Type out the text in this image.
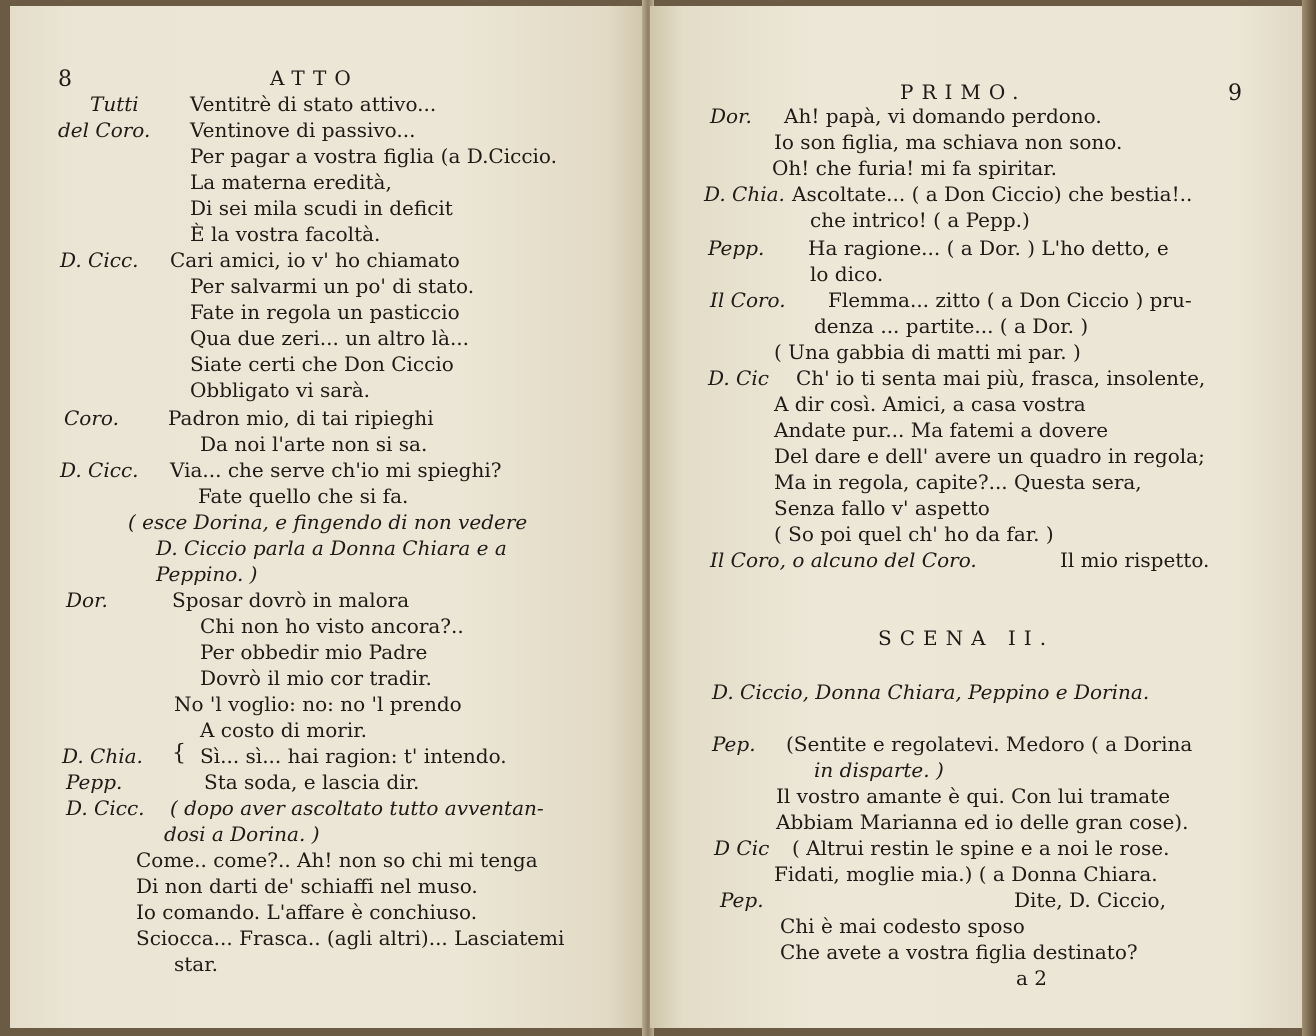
8	ATTO
Tutti	Ventitrè di stato attivo...
del Coro. Ventinove di passivo...
Per pagar a vostra figlia (a D.Ciccio.
La materna eredità,
Di sei mila scudi in deficit
È la vostra facoltà.
D. Cicc. Cari amici, io v' ho chiamato
Per salvarmi un po' di stato.
Fate in regola un pasticcio
Qua due zeri... un altro là...
Siate certi che Don Ciccio
Obbligato vi sarà.
Coro. Padron mio, di tai ripieghi
Da noi l'arte non si sa.
D. Cicc. Via... che serve ch'io mi spieghi?
Fate quello che si fa.
( esce Dorina, e fingendo di non vedere
D. Ciccio parla a Donna Chiara e a
Peppino. )
Dor.	Sposar dovrò in malora
Chi non ho visto ancora?..
Per obbedir mio Padre
Dovrò il mio cor tradir.
No 'l voglio: no: no 'l prendo
A costo di morir.
D. Chia.	Sì... sì... hai ragion: t' intendo.
Pepp.	Sta soda, e lascia dir.
D. Cicc. ( dopo aver ascoltato tutto avventan-
dosi a Dorina. )
Come.. come?.. Ah! non so chi mi tenga
Di non darti de' schiaffi nel muso.
Io comando. L'affare è conchiuso.
Sciocca... Frasca.. (agli altri)... Lasciatemi
star.
{
PRIMO.	9
Dor. Ah! papà, vi domando perdono.
Io son figlia, ma schiava non sono.
Oh! che furia! mi fa spiritar.
D. Chia. Ascoltate... ( a Don Ciccio) che bestia!..
che intrico! ( a Pepp.)
Pepp. Ha ragione... ( a Dor. ) L'ho detto, e
lo dico.
Il Coro. Flemma... zitto ( a Don Ciccio ) pru-
denza ... partite... ( a Dor. )
( Una gabbia di matti mi par. )
D. Cic Ch' io ti senta mai più, frasca, insolente,
A dir così. Amici, a casa vostra
Andate pur... Ma fatemi a dovere
Del dare e dell' avere un quadro in regola;
Ma in regola, capite?... Questa sera,
Senza fallo v' aspetto
( So poi quel ch' ho da far. )
Il Coro, o alcuno del Coro.	Il mio rispetto.
SCENA II.
D. Ciccio, Donna Chiara, Peppino e Dorina.
Pep. (Sentite e regolatevi. Medoro ( a Dorina
in disparte. )
Il vostro amante è qui. Con lui tramate
Abbiam Marianna ed io delle gran cose).
D Cic ( Altrui restin le spine e a noi le rose.
Fidati, moglie mia.) ( a Donna Chiara.
Pep.	Dite, D. Ciccio,
Chi è mai codesto sposo
Che avete a vostra figlia destinato?
a 2
